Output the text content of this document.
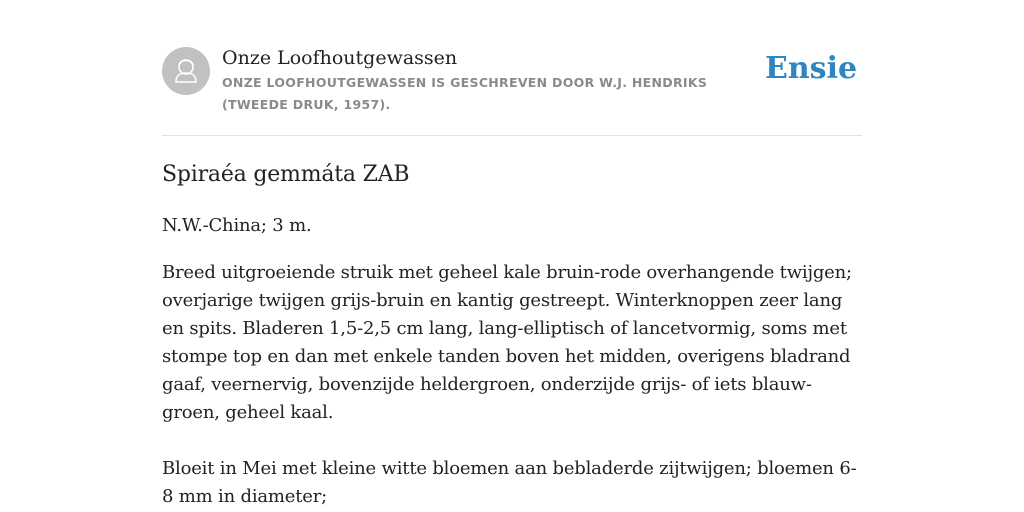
Onze Loofhoutgewassen
ONZE LOOFHOUTGEWASSEN IS GESCHREVEN DOOR W.J. HENDRIKS (TWEEDE DRUK, 1957).
Ensie
Spiraéa gemmáta ZAB
N.W.-China; 3 m.

Breed uitgroeiende struik met geheel kale bruin-rode overhangende twijgen; overjarige twijgen grijs-bruin en kantig gestreept. Winterknoppen zeer lang en spits. Bladeren 1,5-2,5 cm lang, lang-elliptisch of lancetvormig, soms met stompe top en dan met enkele tanden boven het midden, overigens bladrand gaaf, veernervig, bovenzijde heldergroen, onderzijde grijs- of iets blauw-groen, geheel kaal.

Bloeit in Mei met kleine witte bloemen aan bebladerde zijtwijgen; bloemen 6-8 mm in diameter;
